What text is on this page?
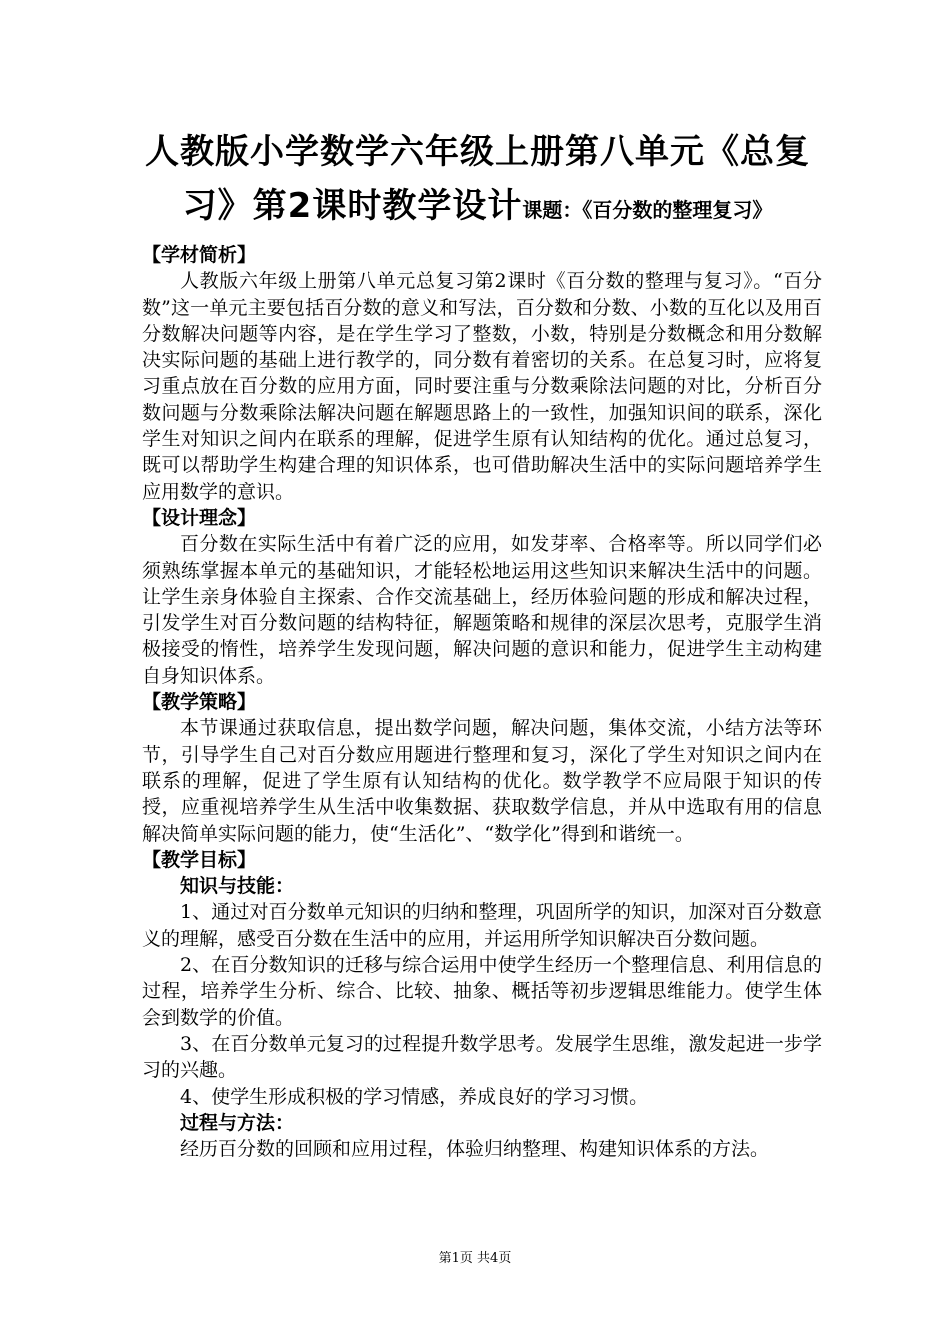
人教版小学数学六年级上册第八单元《总复习》第2课时教学设计课题：《百分数的整理复习》

【学材简析】

人教版六年级上册第八单元总复习第2课时《百分数的整理与复习》。“百分数”这一单元主要包括百分数的意义和写法，百分数和分数、小数的互化以及用百分数解决问题等内容，是在学生学习了整数，小数，特别是分数概念和用分数解决实际问题的基础上进行教学的，同分数有着密切的关系。在总复习时，应将复习重点放在百分数的应用方面，同时要注重与分数乘除法问题的对比，分析百分数问题与分数乘除法解决问题在解题思路上的一致性，加强知识间的联系，深化学生对知识之间内在联系的理解，促进学生原有认知结构的优化。通过总复习，既可以帮助学生构建合理的知识体系，也可借助解决生活中的实际问题培养学生应用数学的意识。

【设计理念】

百分数在实际生活中有着广泛的应用，如发芽率、合格率等。所以同学们必须熟练掌握本单元的基础知识，才能轻松地运用这些知识来解决生活中的问题。让学生亲身体验自主探索、合作交流基础上，经历体验问题的形成和解决过程，引发学生对百分数问题的结构特征，解题策略和规律的深层次思考，克服学生消极接受的惰性，培养学生发现问题，解决问题的意识和能力，促进学生主动构建自身知识体系。

【教学策略】

本节课通过获取信息，提出数学问题，解决问题，集体交流，小结方法等环节，引导学生自己对百分数应用题进行整理和复习，深化了学生对知识之间内在联系的理解，促进了学生原有认知结构的优化。数学教学不应局限于知识的传授，应重视培养学生从生活中收集数据、获取数学信息，并从中选取有用的信息解决简单实际问题的能力，使“生活化”、“数学化”得到和谐统一。

【教学目标】

知识与技能：

1、通过对百分数单元知识的归纳和整理，巩固所学的知识，加深对百分数意义的理解，感受百分数在生活中的应用，并运用所学知识解决百分数问题。

2、在百分数知识的迁移与综合运用中使学生经历一个整理信息、利用信息的过程，培养学生分析、综合、比较、抽象、概括等初步逻辑思维能力。使学生体会到数学的价值。

3、在百分数单元复习的过程提升数学思考。发展学生思维，激发起进一步学习的兴趣。

4、使学生形成积极的学习情感，养成良好的学习习惯。

过程与方法：

经历百分数的回顾和应用过程，体验归纳整理、构建知识体系的方法。

第1页 共4页
